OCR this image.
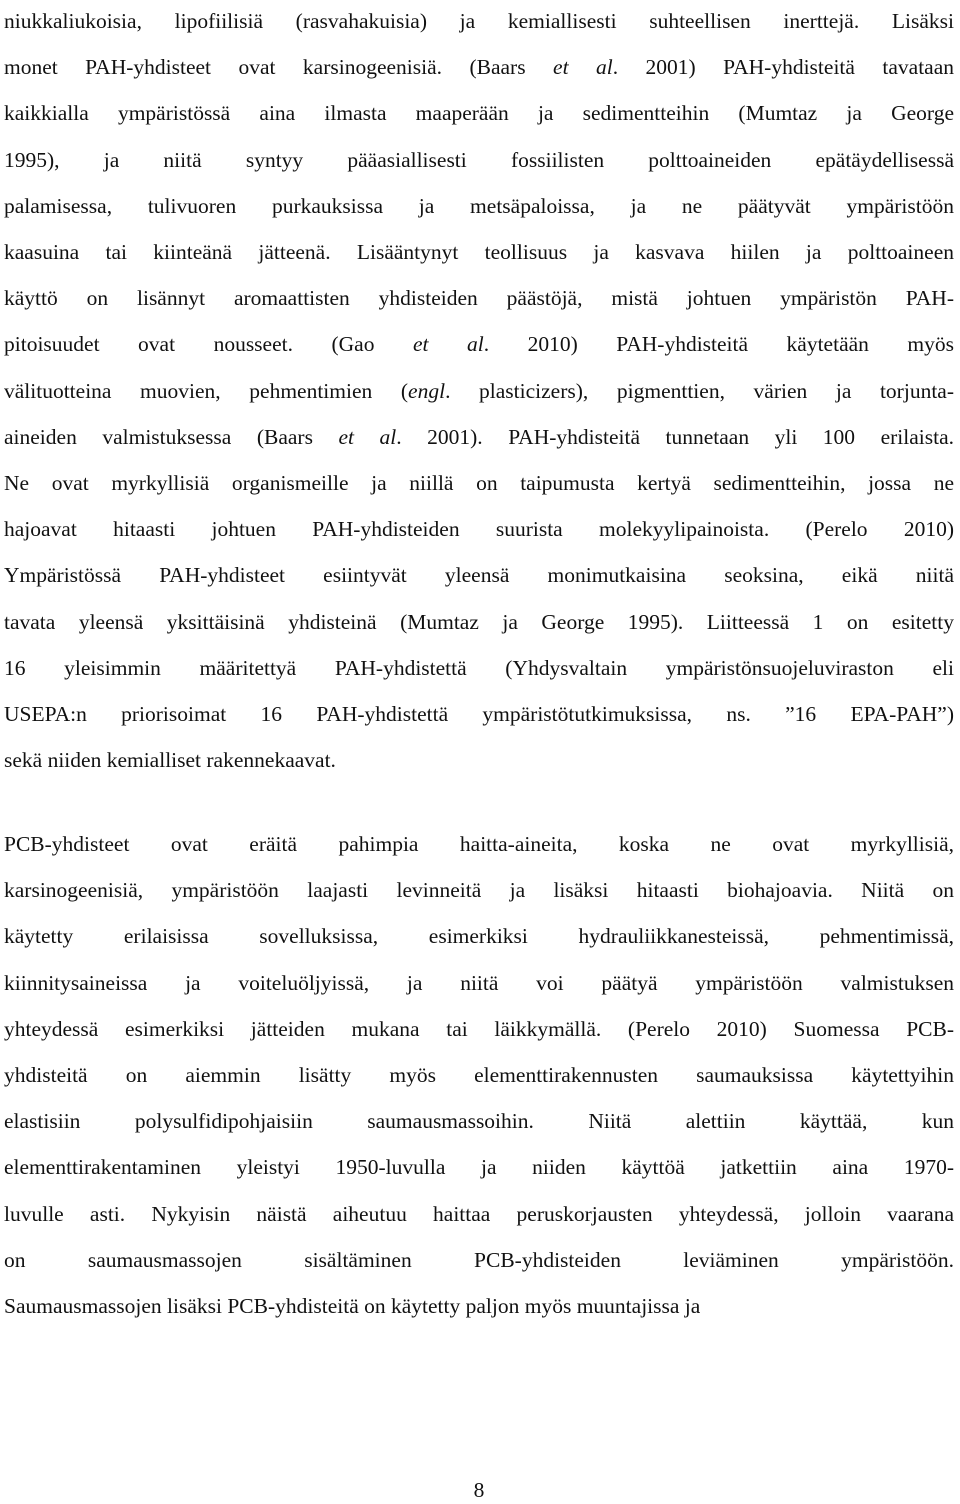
8
niukkaliukoisia, lipofiilisiä (rasvahakuisia) ja kemiallisesti suhteellisen inerttejä. Lisäksi
monet PAH-yhdisteet ovat karsinogeenisiä. (Baars et al. 2001) PAH-yhdisteitä tavataan
kaikkialla ympäristössä aina ilmasta maaperään ja sedimentteihin (Mumtaz ja George
1995), ja niitä syntyy pääasiallisesti fossiilisten polttoaineiden epätäydellisessä
palamisessa, tulivuoren purkauksissa ja metsäpaloissa, ja ne päätyvät ympäristöön
kaasuina tai kiinteänä jätteenä. Lisääntynyt teollisuus ja kasvava hiilen ja polttoaineen
käyttö on lisännyt aromaattisten yhdisteiden päästöjä, mistä johtuen ympäristön PAH-
pitoisuudet ovat nousseet. (Gao et al. 2010) PAH-yhdisteitä käytetään myös
välituotteina muovien, pehmentimien (engl. plasticizers), pigmenttien, värien ja torjunta-
aineiden valmistuksessa (Baars et al. 2001). PAH-yhdisteitä tunnetaan yli 100 erilaista.
Ne ovat myrkyllisiä organismeille ja niillä on taipumusta kertyä sedimentteihin, jossa ne
hajoavat hitaasti johtuen PAH-yhdisteiden suurista molekyylipainoista. (Perelo 2010)
Ympäristössä PAH-yhdisteet esiintyvät yleensä monimutkaisina seoksina, eikä niitä
tavata yleensä yksittäisinä yhdisteinä (Mumtaz ja George 1995). Liitteessä 1 on esitetty
16 yleisimmin määritettyä PAH-yhdistettä (Yhdysvaltain ympäristönsuojeluviraston eli
USEPA:n priorisoimat 16 PAH-yhdistettä ympäristötutkimuksissa, ns. ”16 EPA-PAH”)
sekä niiden kemialliset rakennekaavat.
PCB-yhdisteet ovat eräitä pahimpia haitta-aineita, koska ne ovat myrkyllisiä,
karsinogeenisiä, ympäristöön laajasti levinneitä ja lisäksi hitaasti biohajoavia. Niitä on
käytetty erilaisissa sovelluksissa, esimerkiksi hydrauliikkanesteissä, pehmentimissä,
kiinnitysaineissa ja voiteluöljyissä, ja niitä voi päätyä ympäristöön valmistuksen
yhteydessä esimerkiksi jätteiden mukana tai läikkymällä. (Perelo 2010) Suomessa PCB-
yhdisteitä on aiemmin lisätty myös elementtirakennusten saumauksissa käytettyihin
elastisiin polysulfidipohjaisiin saumausmassoihin. Niitä alettiin käyttää, kun
elementtirakentaminen yleistyi 1950-luvulla ja niiden käyttöä jatkettiin aina 1970-
luvulle asti. Nykyisin näistä aiheutuu haittaa peruskorjausten yhteydessä, jolloin vaarana
on saumausmassojen sisältäminen PCB-yhdisteiden leviäminen ympäristöön.
Saumausmassojen lisäksi PCB-yhdisteitä on käytetty paljon myös muuntajissa ja
